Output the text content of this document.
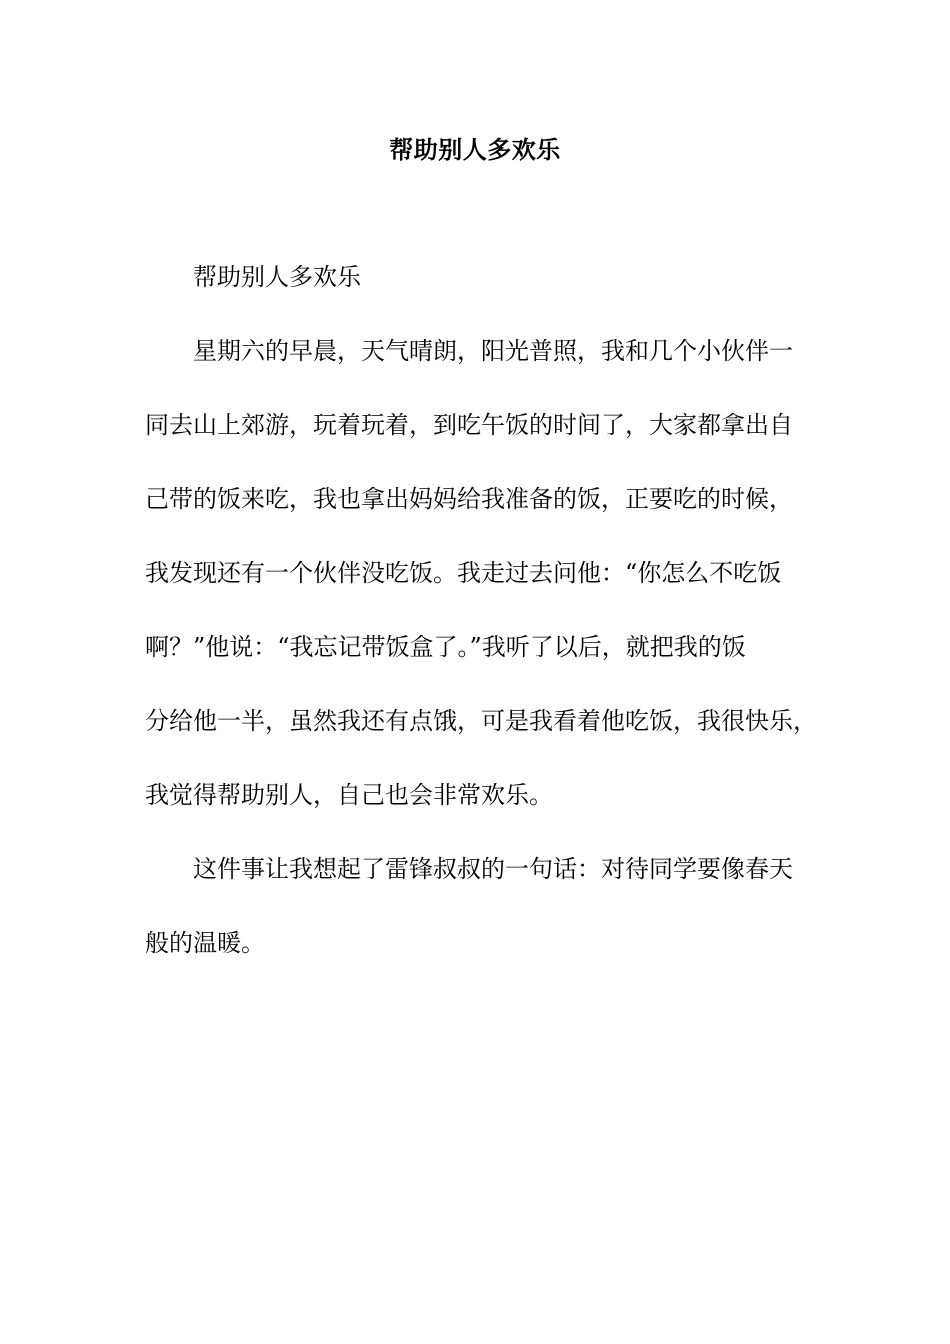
帮助别人多欢乐
帮助别人多欢乐
星期六的早晨，天气晴朗，阳光普照，我和几个小伙伴一
同去山上郊游，玩着玩着，到吃午饭的时间了，大家都拿出自
己带的饭来吃，我也拿出妈妈给我准备的饭，正要吃的时候，
我发现还有一个伙伴没吃饭。我走过去问他：“你怎么不吃饭
啊？”他说：“我忘记带饭盒了。”我听了以后，就把我的饭
分给他一半，虽然我还有点饿，可是我看着他吃饭，我很快乐，
我觉得帮助别人，自己也会非常欢乐。
这件事让我想起了雷锋叔叔的一句话：对待同学要像春天
般的温暖。
